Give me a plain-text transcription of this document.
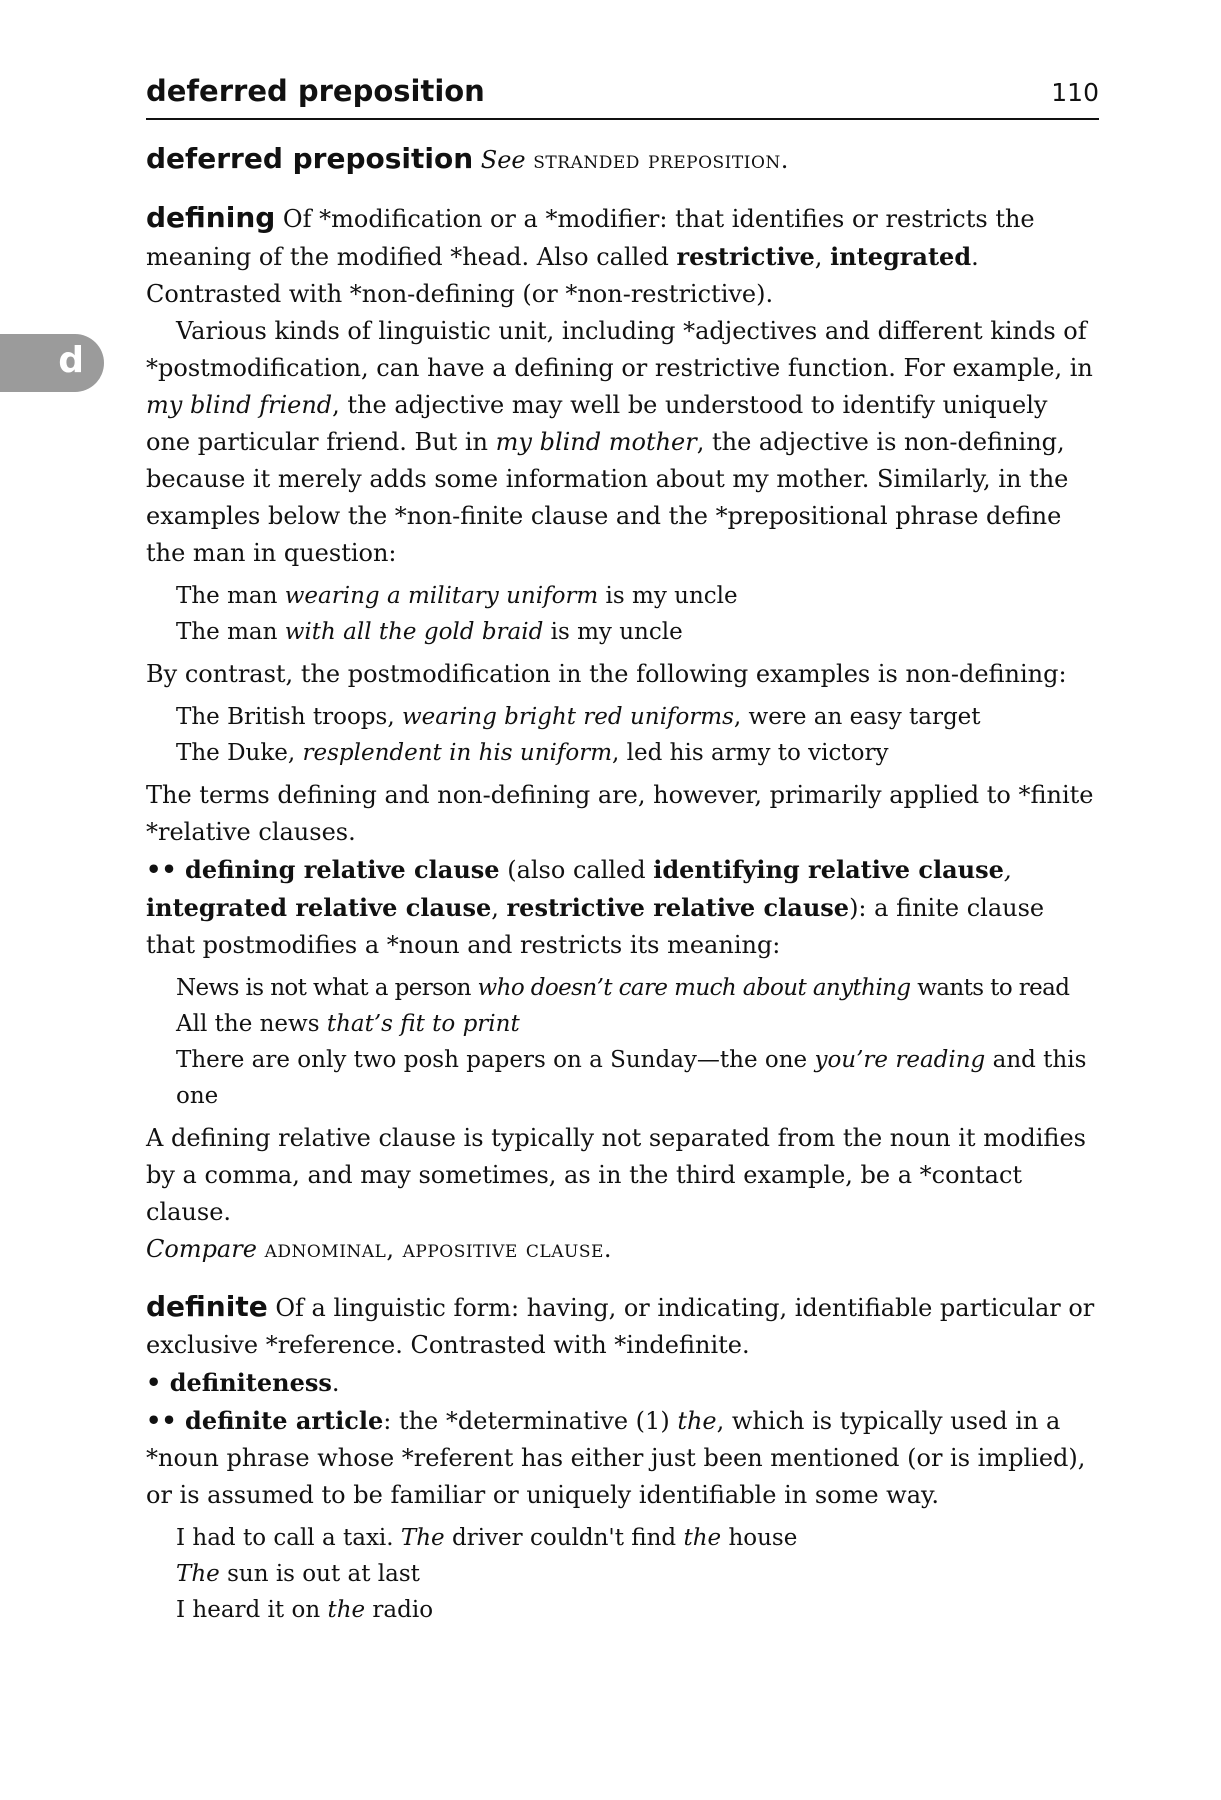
d
deferred preposition	110

deferred preposition See stranded preposition.

defining Of *modification or a *modifier: that identifies or restricts the meaning of the modified *head. Also called restrictive, integrated. Contrasted with *non-defining (or *non-restrictive).

Various kinds of linguistic unit, including *adjectives and different kinds of *postmodification, can have a defining or restrictive function. For example, in my blind friend, the adjective may well be understood to identify uniquely one particular friend. But in my blind mother, the adjective is non-defining, because it merely adds some information about my mother. Similarly, in the examples below the *non-finite clause and the *prepositional phrase define the man in question:

The man wearing a military uniform is my uncle
The man with all the gold braid is my uncle

By contrast, the postmodification in the following examples is non-defining:

The British troops, wearing bright red uniforms, were an easy target
The Duke, resplendent in his uniform, led his army to victory

The terms defining and non-defining are, however, primarily applied to *finite *relative clauses.

•• defining relative clause (also called identifying relative clause, integrated relative clause, restrictive relative clause): a finite clause that postmodifies a *noun and restricts its meaning:

News is not what a person who doesn’t care much about anything wants to read
All the news that’s fit to print
There are only two posh papers on a Sunday—the one you’re reading and this one

A defining relative clause is typically not separated from the noun it modifies by a comma, and may sometimes, as in the third example, be a *contact clause.

Compare adnominal, appositive clause.

definite Of a linguistic form: having, or indicating, identifiable particular or exclusive *reference. Contrasted with *indefinite.

• definiteness.

•• definite article: the *determinative (1) the, which is typically used in a *noun phrase whose *referent has either just been mentioned (or is implied), or is assumed to be familiar or uniquely identifiable in some way.

I had to call a taxi. The driver couldn't find the house
The sun is out at last
I heard it on the radio
